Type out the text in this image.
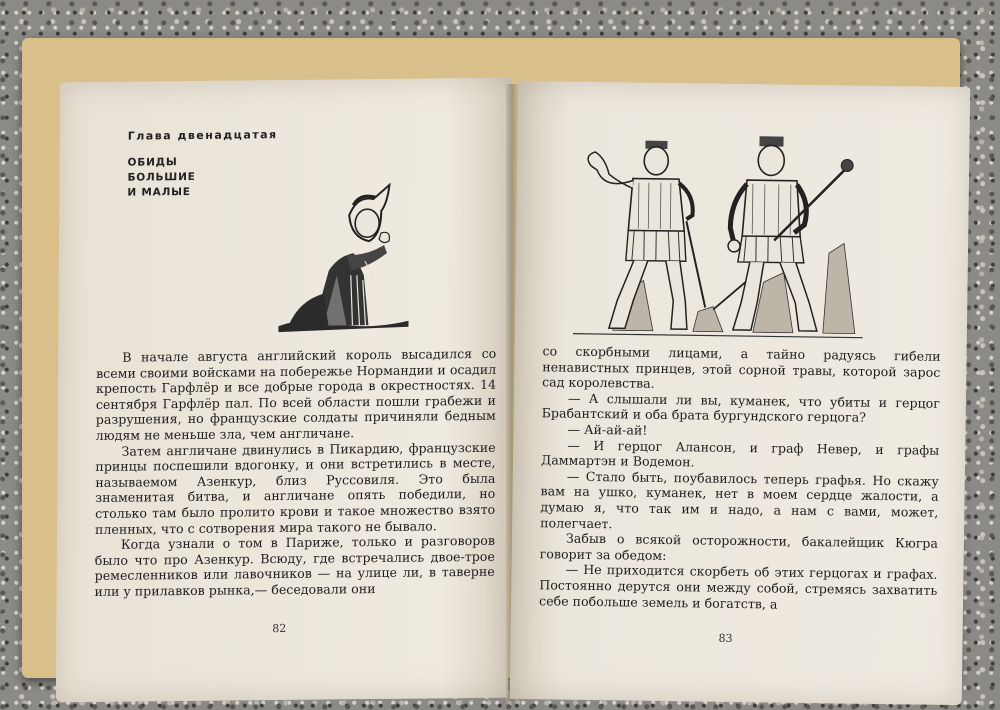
Глава двенадцатая
ОБИДЫ
БОЛЬШИЕ
И МАЛЫЕ

В начале августа английский король высадился со всеми своими войсками на побережье Нормандии и осадил крепость Гарфлёр и все добрые города в окрестностях. 14 сентября Гарфлёр пал. По всей области пошли грабежи и разрушения, но французские солдаты причиняли бедным людям не меньше зла, чем англичане.

Затем англичане двинулись в Пикардию, французские принцы поспешили вдогонку, и они встретились в месте, называемом Азенкур, близ Руссовиля. Это была знаменитая битва, и англичане опять победили, но столько там было пролито крови и такое множество взято пленных, что с сотворения мира такого не бывало.

Когда узнали о том в Париже, только и разговоров было что про Азенкур. Всюду, где встречались двое-трое ремесленников или лавочников — на улице ли, в таверне или у прилавков рынка,— беседовали они

82

со скорбными лицами, а тайно радуясь гибели ненавистных принцев, этой сорной травы, которой зарос сад королевства.

— А слышали ли вы, куманек, что убиты и герцог Брабантский и оба брата бургундского герцога?

— Ай-ай-ай!

— И герцог Алансон, и граф Невер, и графы Даммартэн и Водемон.

— Стало быть, поубавилось теперь графья. Но скажу вам на ушко, куманек, нет в моем сердце жалости, а думаю я, что так им и надо, а нам с вами, может, полегчает.

Забыв о всякой осторожности, бакалейщик Кюгра говорит за обедом:

— Не приходится скорбеть об этих герцогах и графах. Постоянно дерутся они между собой, стремясь захватить себе побольше земель и богатств, а

83
